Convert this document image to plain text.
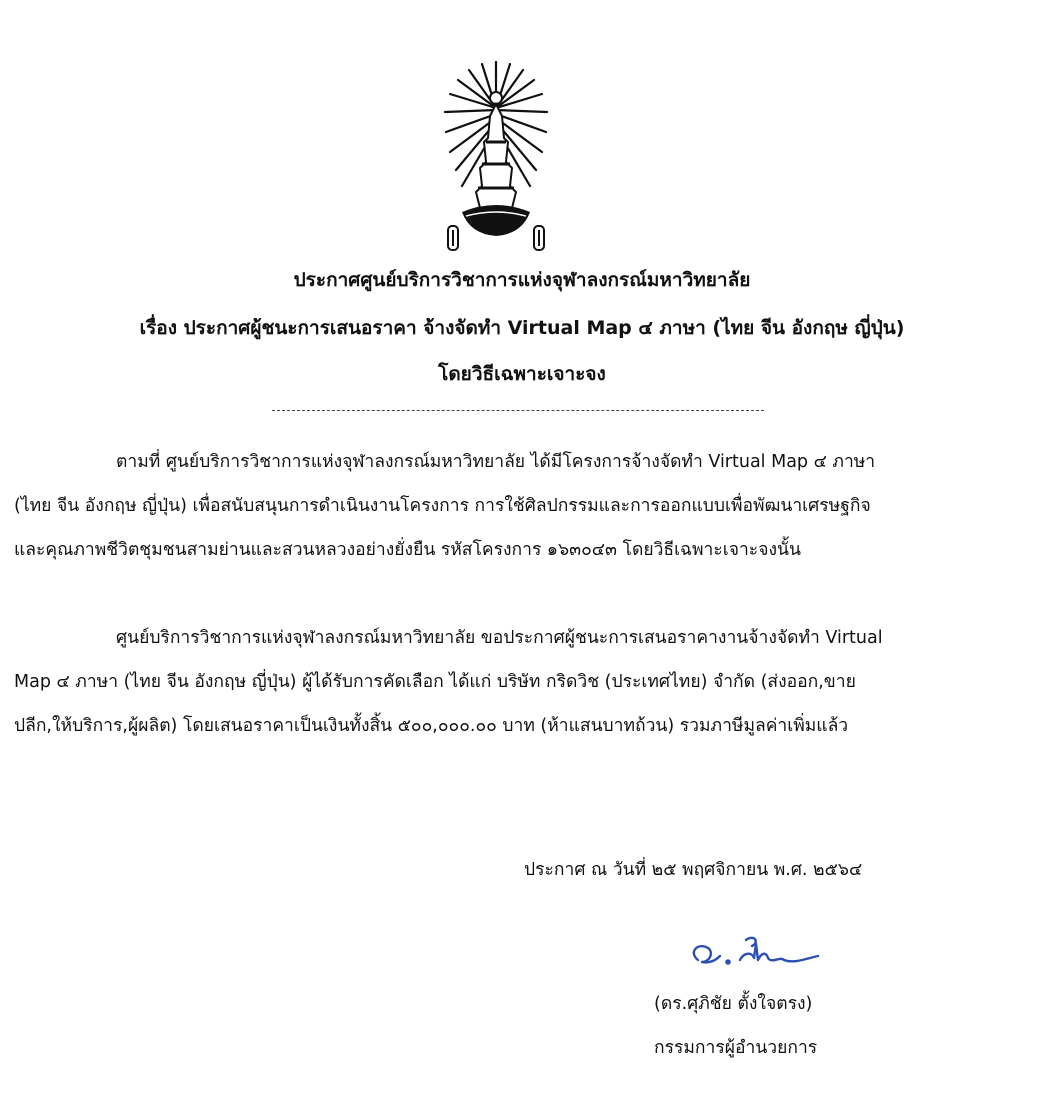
ประกาศศูนย์บริการวิชาการแห่งจุฬาลงกรณ์มหาวิทยาลัย
เรื่อง ประกาศผู้ชนะการเสนอราคา จ้างจัดทำ Virtual Map ๔ ภาษา (ไทย จีน อังกฤษ ญี่ปุ่น)
โดยวิธีเฉพาะเจาะจง
ตามที่ ศูนย์บริการวิชาการแห่งจุฬาลงกรณ์มหาวิทยาลัย ได้มีโครงการจ้างจัดทำ Virtual Map ๔ ภาษา
(ไทย จีน อังกฤษ ญี่ปุ่น) เพื่อสนับสนุนการดำเนินงานโครงการ การใช้ศิลปกรรมและการออกแบบเพื่อพัฒนาเศรษฐกิจ
และคุณภาพชีวิตชุมชนสามย่านและสวนหลวงอย่างยั่งยืน รหัสโครงการ ๑๖๓๐๔๓ โดยวิธีเฉพาะเจาะจงนั้น
ศูนย์บริการวิชาการแห่งจุฬาลงกรณ์มหาวิทยาลัย ขอประกาศผู้ชนะการเสนอราคางานจ้างจัดทำ Virtual
Map ๔ ภาษา (ไทย จีน อังกฤษ ญี่ปุ่น) ผู้ได้รับการคัดเลือก ได้แก่ บริษัท กริดวิช (ประเทศไทย) จำกัด (ส่งออก,ขาย
ปลีก,ให้บริการ,ผู้ผลิต) โดยเสนอราคาเป็นเงินทั้งสิ้น ๕๐๐,๐๐๐.๐๐ บาท (ห้าแสนบาทถ้วน) รวมภาษีมูลค่าเพิ่มแล้ว
ประกาศ ณ วันที่ ๒๕ พฤศจิกายน พ.ศ. ๒๕๖๔
(ดร.ศุภิชัย ตั้งใจตรง)
กรรมการผู้อำนวยการ
